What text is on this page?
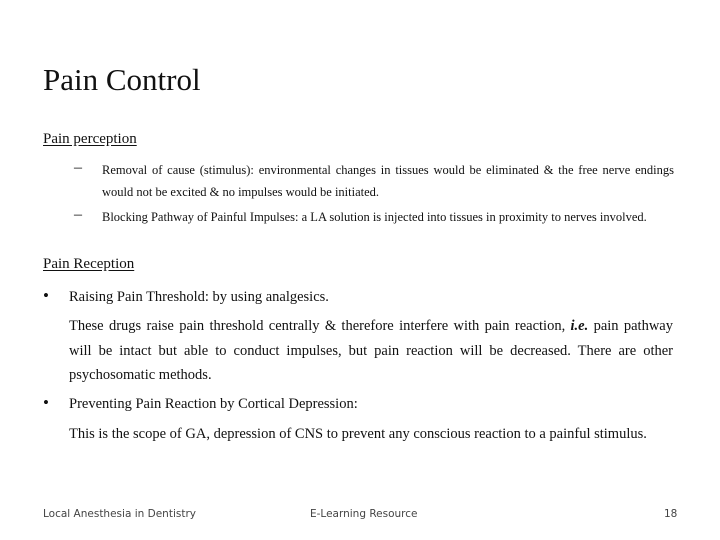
Pain Control
Pain perception
– Removal of cause (stimulus): environmental changes in tissues would be eliminated & the free nerve endings would not be excited & no impulses would be initiated.
– Blocking Pathway of Painful Impulses: a LA solution is injected into tissues in proximity to nerves involved.
Pain Reception
• Raising Pain Threshold: by using analgesics.
These drugs raise pain threshold centrally & therefore interfere with pain reaction, i.e. pain pathway will be intact but able to conduct impulses, but pain reaction will be decreased. There are other psychosomatic methods.
• Preventing Pain Reaction by Cortical Depression:
This is the scope of GA, depression of CNS to prevent any conscious reaction to a painful stimulus.
Local Anesthesia in Dentistry	E-Learning Resource	18
